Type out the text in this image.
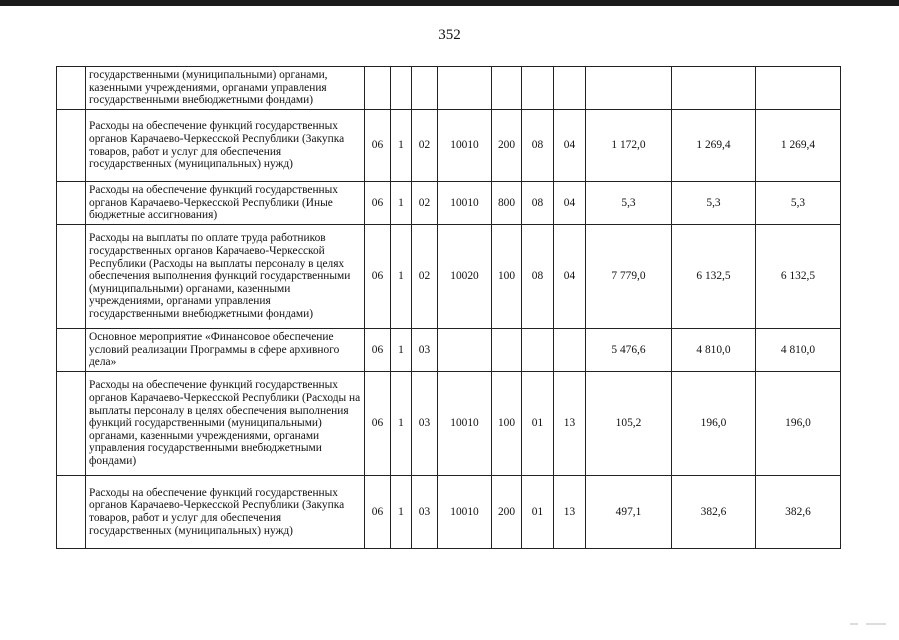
352
	государственными (муниципальными) органами, казенными учреждениями, органами управления государственными внебюджетными фондами)										
	Расходы на обеспечение функций государственных органов Карачаево-Черкесской Республики (Закупка товаров, работ и услуг для обеспечения государственных (муниципальных) нужд)	06	1	02	10010	200	08	04	1 172,0	1 269,4	1 269,4
	Расходы на обеспечение функций государственных органов Карачаево-Черкесской Республики (Иные бюджетные ассигнования)	06	1	02	10010	800	08	04	5,3	5,3	5,3
	Расходы на выплаты по оплате труда работников государственных органов Карачаево-Черкесской Республики (Расходы на выплаты персоналу в целях обеспечения выполнения функций государственными (муниципальными) органами, казенными учреждениями, органами управления государственными внебюджетными фондами)	06	1	02	10020	100	08	04	7 779,0	6 132,5	6 132,5
	Основное мероприятие «Финансовое обеспечение условий реализации Программы в сфере архивного дела»	06	1	03					5 476,6	4 810,0	4 810,0
	Расходы на обеспечение функций государственных органов Карачаево-Черкесской Республики (Расходы на выплаты персоналу в целях обеспечения выполнения функций государственными (муниципальными) органами, казенными учреждениями, органами управления государственными внебюджетными фондами)	06	1	03	10010	100	01	13	105,2	196,0	196,0
	Расходы на обеспечение функций государственных органов Карачаево-Черкесской Республики (Закупка товаров, работ и услуг для обеспечения государственных (муниципальных) нужд)	06	1	03	10010	200	01	13	497,1	382,6	382,6
